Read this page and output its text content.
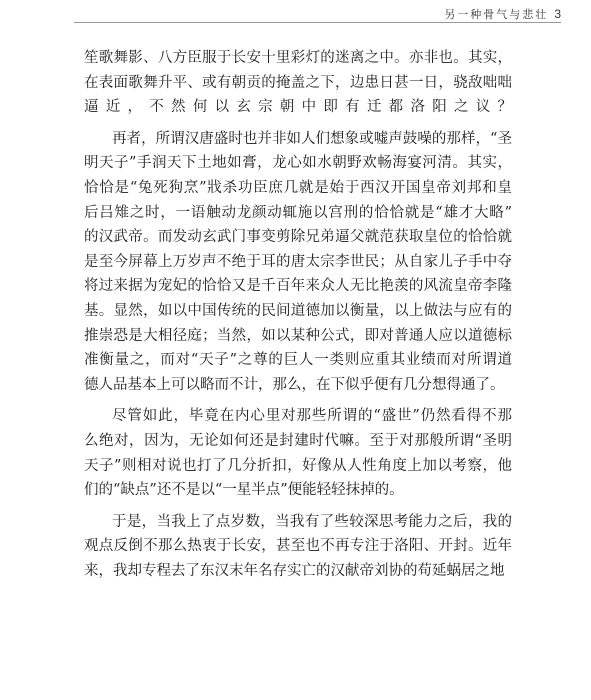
另一种骨气与悲壮 3
笙歌舞影、八方臣服于长安十里彩灯的迷离之中。亦非也。其实，
在表面歌舞升平、或有朝贡的掩盖之下，边患日甚一日，骁敌咄咄
逼近，不然何以玄宗朝中即有迁都洛阳之议？
再者，所谓汉唐盛时也并非如人们想象或嘘声鼓噪的那样，“圣
明天子”手润天下土地如膏，龙心如水朝野欢畅海宴河清。其实，
恰恰是“兔死狗烹”戕杀功臣庶几就是始于西汉开国皇帝刘邦和皇
后吕雉之时，一语触动龙颜动辄施以宫刑的恰恰就是“雄才大略”
的汉武帝。而发动玄武门事变剪除兄弟逼父就范获取皇位的恰恰就
是至今屏幕上万岁声不绝于耳的唐太宗李世民；从自家儿子手中夺
将过来据为宠妃的恰恰又是千百年来众人无比艳羡的风流皇帝李隆
基。显然，如以中国传统的民间道德加以衡量，以上做法与应有的
推崇恐是大相径庭；当然，如以某种公式，即对普通人应以道德标
准衡量之，而对“天子”之尊的巨人一类则应重其业绩而对所谓道
德人品基本上可以略而不计，那么，在下似乎便有几分想得通了。
尽管如此，毕竟在内心里对那些所谓的“盛世”仍然看得不那
么绝对，因为，无论如何还是封建时代嘛。至于对那般所谓“圣明
天子”则相对说也打了几分折扣，好像从人性角度上加以考察，他
们的“缺点”还不是以“一星半点”便能轻轻抹掉的。
于是，当我上了点岁数，当我有了些较深思考能力之后，我的
观点反倒不那么热衷于长安，甚至也不再专注于洛阳、开封。近年
来，我却专程去了东汉末年名存实亡的汉献帝刘协的苟延蜗居之地
